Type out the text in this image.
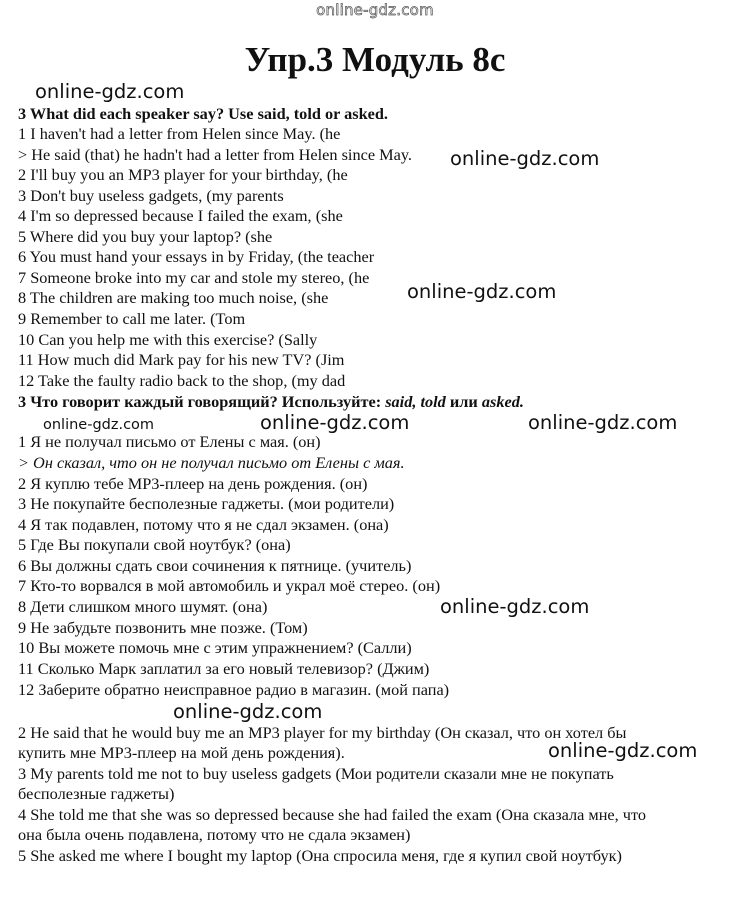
online-gdz.com
Упр.3 Модуль 8c
3 What did each speaker say? Use said, told or asked.
1 I haven't had a letter from Helen since May. (he
> He said (that) he hadn't had a letter from Helen since May.
2 I'll buy you an MP3 player for your birthday, (he
3 Don't buy useless gadgets, (my parents
4 I'm so depressed because I failed the exam, (she
5 Where did you buy your laptop? (she
6 You must hand your essays in by Friday, (the teacher
7 Someone broke into my car and stole my stereo, (he
8 The children are making too much noise, (she
9 Remember to call me later. (Tom
10 Can you help me with this exercise? (Sally
11 How much did Mark pay for his new TV? (Jim
12 Take the faulty radio back to the shop, (my dad
3 Что говорит каждый говорящий? Используйте: said, told или asked.
1 Я не получал письмо от Елены с мая. (он)
> Он сказал, что он не получал письмо от Елены с мая.
2 Я куплю тебе MP3-плеер на день рождения. (он)
3 Не покупайте бесполезные гаджеты. (мои родители)
4 Я так подавлен, потому что я не сдал экзамен. (она)
5 Где Вы покупали свой ноутбук? (она)
6 Вы должны сдать свои сочинения к пятнице. (учитель)
7 Кто-то ворвался в мой автомобиль и украл моё стерео. (он)
8 Дети слишком много шумят. (она)
9 Не забудьте позвонить мне позже. (Том)
10 Вы можете помочь мне с этим упражнением? (Салли)
11 Сколько Марк заплатил за его новый телевизор? (Джим)
12 Заберите обратно неисправное радио в магазин. (мой папа)
2 He said that he would buy me an MP3 player for my birthday (Он сказал, что он хотел бы
купить мне MP3-плеер на мой день рождения).
3 My parents told me not to buy useless gadgets (Мои родители сказали мне не покупать
бесполезные гаджеты)
4 She told me that she was so depressed because she had failed the exam (Она сказала мне, что
она была очень подавлена, потому что не сдала экзамен)
5 She asked me where I bought my laptop (Она спросила меня, где я купил свой ноутбук)
online-gdz.com
online-gdz.com
online-gdz.com
online-gdz.com	online-gdz.com
online-gdz.com
online-gdz.com
online-gdz.com
online-gdz.com
